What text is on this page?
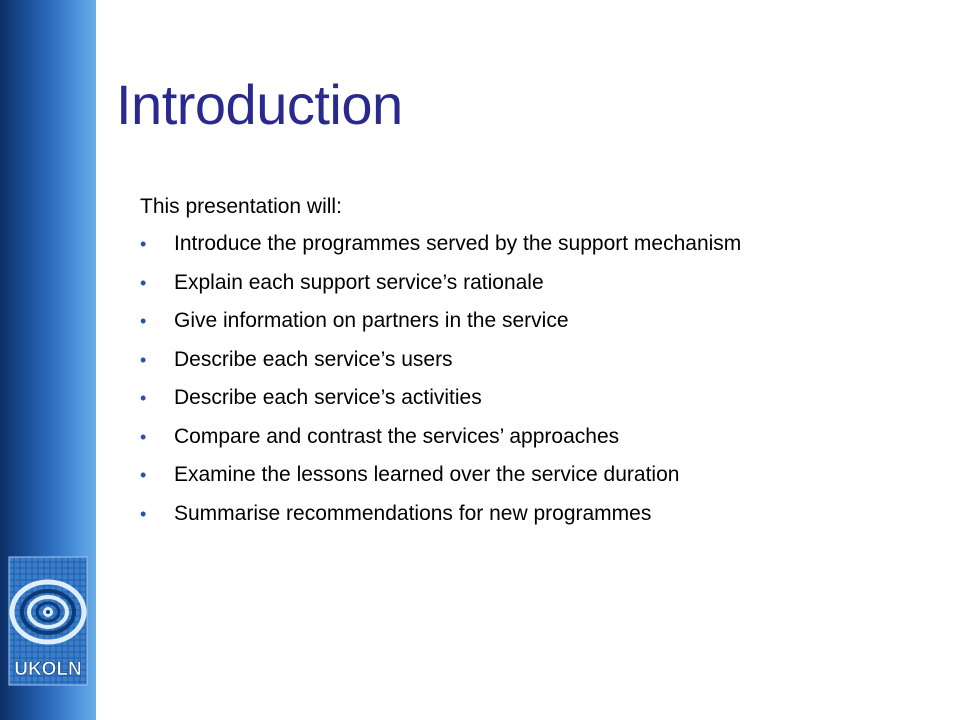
UKOLN
Introduction

This presentation will:

•	Introduce the programmes served by the support mechanism
•	Explain each support service’s rationale
•	Give information on partners in the service
•	Describe each service’s users
•	Describe each service’s activities
•	Compare and contrast the services’ approaches
•	Examine the lessons learned over the service duration
•	Summarise recommendations for new programmes
